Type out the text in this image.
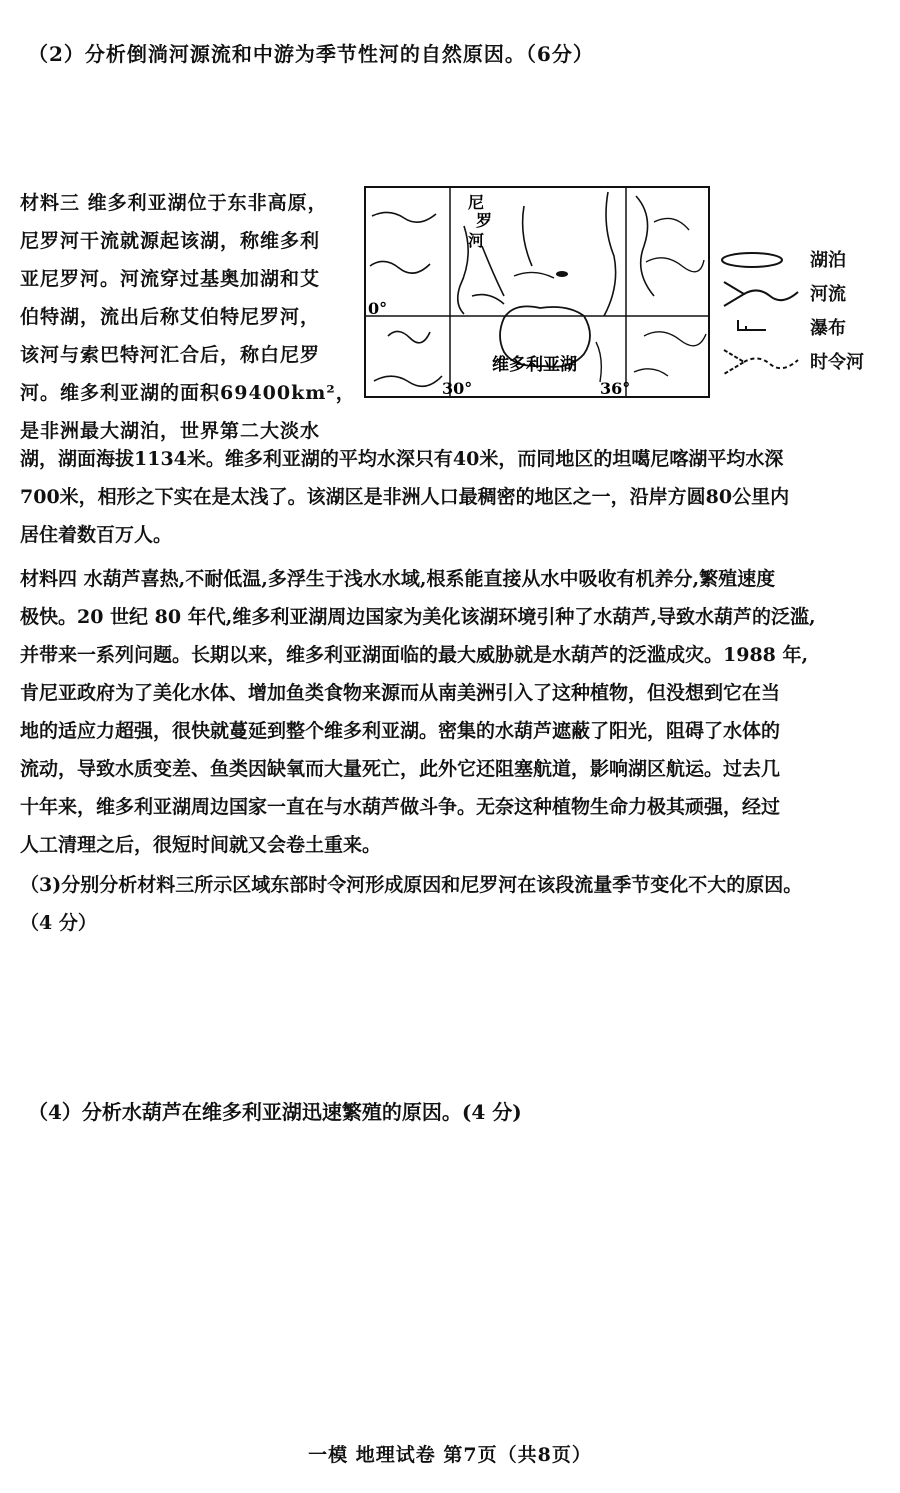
（2）分析倒淌河源流和中游为季节性河的自然原因。（6分）
材料三 维多利亚湖位于东非高原，
尼罗河干流就源起该湖，称维多利
亚尼罗河。河流穿过基奥加湖和艾
伯特湖，流出后称艾伯特尼罗河，
该河与索巴特河汇合后，称白尼罗
河。维多利亚湖的面积69400km²，
是非洲最大湖泊，世界第二大淡水
尼
罗
河
维多利亚湖
0°
30°	36°
湖泊
河流
瀑布
时令河
湖，湖面海拔1134米。维多利亚湖的平均水深只有40米，而同地区的坦噶尼喀湖平均水深
700米，相形之下实在是太浅了。该湖区是非洲人口最稠密的地区之一，沿岸方圆80公里内
居住着数百万人。
材料四 水葫芦喜热,不耐低温,多浮生于浅水水域,根系能直接从水中吸收有机养分,繁殖速度
极快。20 世纪 80 年代,维多利亚湖周边国家为美化该湖环境引种了水葫芦,导致水葫芦的泛滥,
并带来一系列问题。长期以来，维多利亚湖面临的最大威胁就是水葫芦的泛滥成灾。1988 年,
肯尼亚政府为了美化水体、增加鱼类食物来源而从南美洲引入了这种植物，但没想到它在当
地的适应力超强，很快就蔓延到整个维多利亚湖。密集的水葫芦遮蔽了阳光，阻碍了水体的
流动，导致水质变差、鱼类因缺氧而大量死亡，此外它还阻塞航道，影响湖区航运。过去几
十年来，维多利亚湖周边国家一直在与水葫芦做斗争。无奈这种植物生命力极其顽强，经过
人工清理之后，很短时间就又会卷土重来。
（3)分别分析材料三所示区域东部时令河形成原因和尼罗河在该段流量季节变化不大的原因。
（4 分）
（4）分析水葫芦在维多利亚湖迅速繁殖的原因。(4 分)
一模 地理试卷 第7页（共8页）
